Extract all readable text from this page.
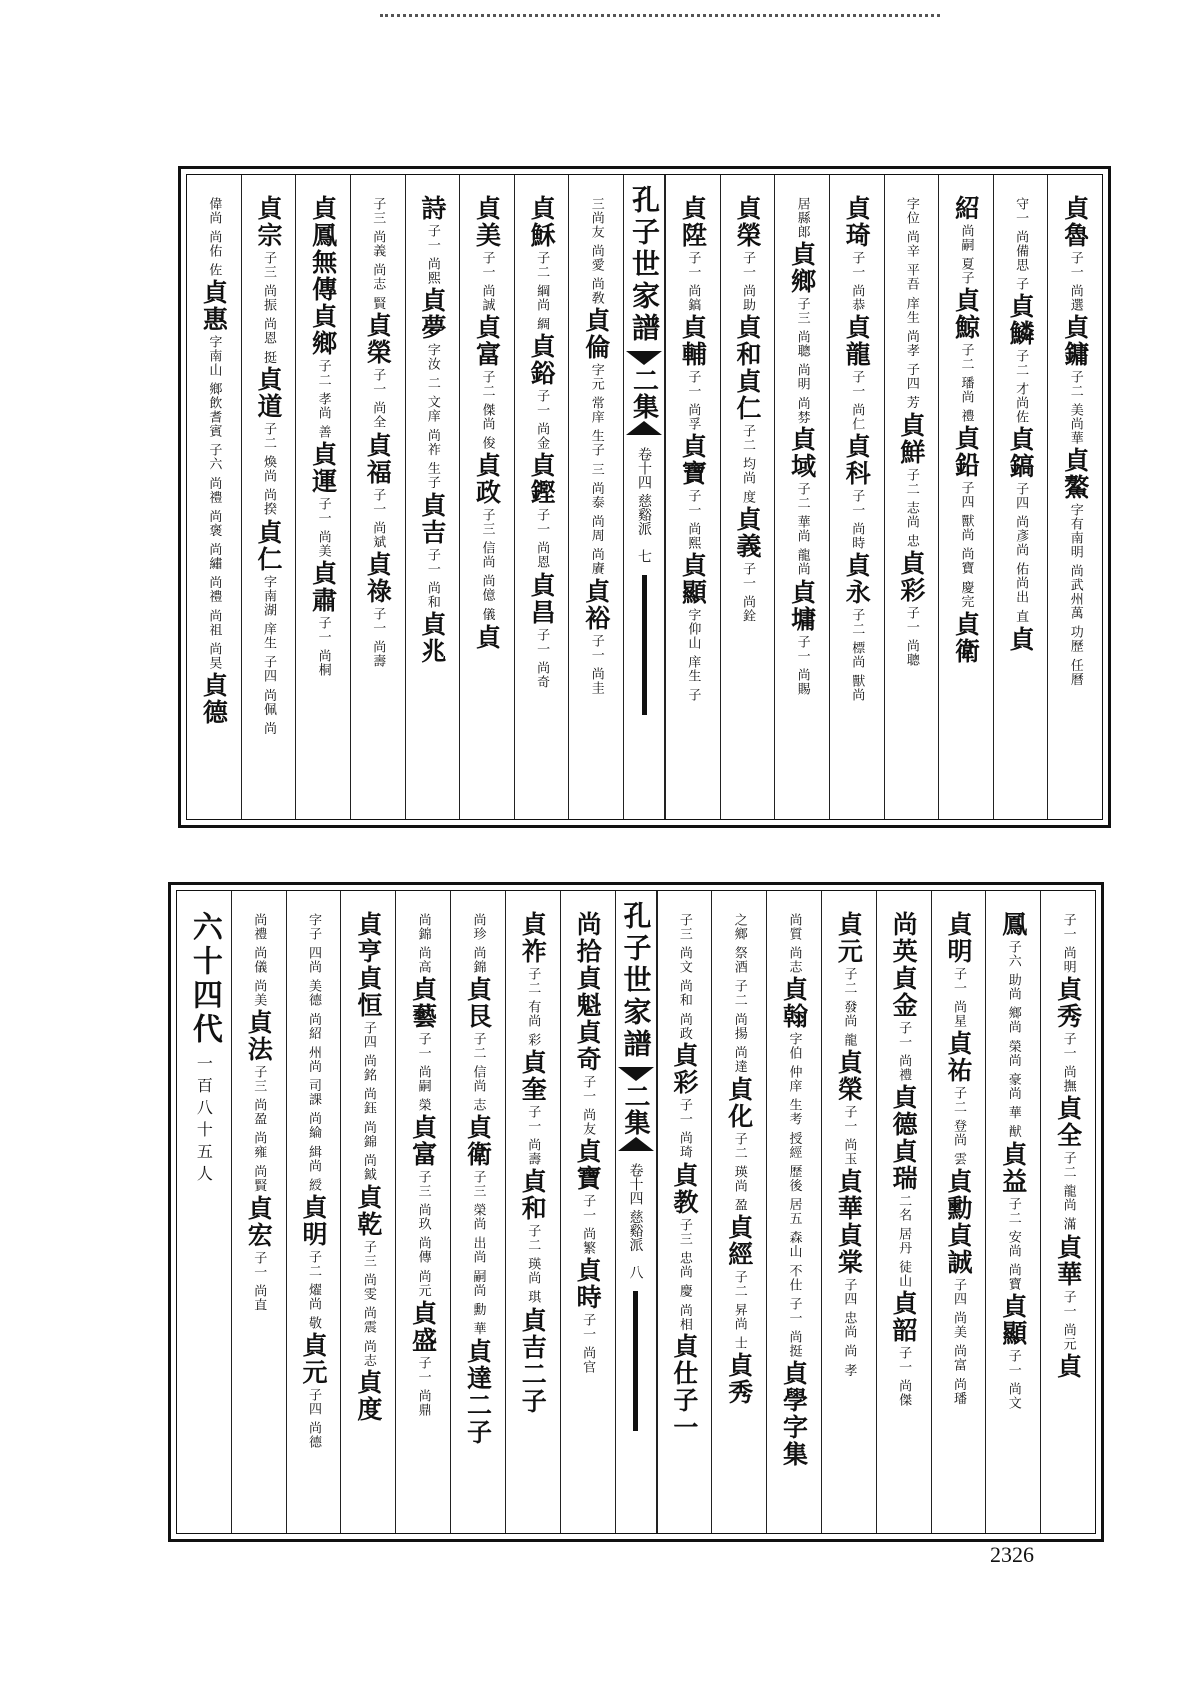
貞魯
子一 尚選
貞鏞
子二 美尚華
貞鰲
字有南明 尚武州萬 功歷 任曆
守一 尚備思 子
貞鱗
子二 才尚佐
貞鎬
子四 尚彥尚 佑尚出 直
貞
紹
尚嗣 夏子
貞鯨
子二 璠尚 禮
貞鉛
子四 獸尚 尚寶 慶完
貞衛
字位 尚辛 平吾 庠生 尚孝 子四 芳
貞鮮
子二 志尚 忠
貞彩
子一 尚聰
貞琦
子一 尚恭
貞龍
子一 尚仁
貞科
子一 尚時
貞永
子二 標尚 獸尚
居縣郎
貞鄉
子三 尚聰 尚明 尚棼
貞域
子二 華尚 龍尚
貞墉
子一 尚賜
貞榮
子一 尚助
貞和
貞仁
子二 均尚 度
貞義
子一 尚銓
貞陞
子一 尚鎬
貞輔
子一 尚孚
貞寶
子一 尚熙
貞顯
字仰山 庠生 子
孔子世家譜
二集
卷十四 慈谿派
七
三尚友 尚愛 尚敎
貞倫
字元 常庠 生子 三 尚泰 尚周 尚賡
貞裕
子一 尚圭
貞穌
子二 綱尚 綢
貞鋊
子一 尚金
貞鏗
子一 尚恩
貞昌
子一 尚奇
貞美
子一 尚誠
貞富
子二 傑尚 俊
貞政
子三 信尚 尚億 儀
貞
詩
子一 尚熙
貞夢
字汝 二 文庠 尚祚 生子
貞吉
子一 尚和
貞兆
子三 尚義 尚志 賢
貞榮
子一 尚全
貞福
子一 尚斌
貞祿
子一 尚壽
貞鳳
無傳
貞鄉
子二 孝尚 善
貞運
子一 尚美
貞肅
子一 尚桐
貞宗
子三 尚振 尚恩 挺
貞道
子二 煥尚 尚揆
貞仁
字南湖 庠生 子四 尚佩 尚
偉尚 尚佑 佐
貞惠
字南山 鄉飲耆賓 子六 尚禮 尚褒 尚繡 尚禮 尚祖 尚昊
貞德
子一 尚明
貞秀
子一 尚撫
貞全
子二 龍尚 滿
貞華
子一 尚元
貞
鳳
子六 助尚 鄉尚 榮尚 豪尚 華 猷
貞益
子二 安尚 尚寶
貞顯
子一 尚文
貞明
子一 尚星
貞祐
子二 登尚 雲
貞勳
貞誠
子四 尚美 尚富 尚璠
尚英
貞金
子一 尚禮
貞德
貞瑞
二名 居丹 徒山
貞韶
子一 尚傑
貞元
子二 發尚 龍
貞榮
子一 尚玉
貞華
貞棠
子四 忠尚 尚 孝
尚質 尚志
貞翰
字伯 仲庠 生考 授經 歷後 居五 森山 不仕 子一 尚挺
貞學
字集
之鄉 祭酒 子二 尚揚 尚達
貞化
子二 瑛尚 盈
貞經
子二 昇尚 士
貞秀
子三 尚文 尚和 尚政
貞彩
子一 尚琦
貞教
子三 忠尚 慶 尚相
貞仕
子一
孔子世家譜
二集
卷十四 慈谿派
八
尚拾
貞魁
貞奇
子一 尚友
貞寶
子一 尚繁
貞時
子一 尚官
貞祚
子二 有尚 彩
貞奎
子一 尚壽
貞和
子二 瑛尚 琪
貞吉
二子
尚珍 尚錦
貞艮
子二 信尚 志
貞衛
子三 榮尚 出尚 嗣尚 勳 華
貞達
二子
尚錦 尚高
貞藝
子一 尚嗣 榮
貞富
子三 尚玖 尚傳 尚元
貞盛
子一 尚鼎
貞亨
貞恒
子四 尚銘 尚鈺 尚錦 尚鉞
貞乾
子三 尚雯 尚震 尚志
貞度
字子 四尚 美德 尚紹 州尚 司課 尚綸 緝尚 綬
貞明
子二 燿尚 敬
貞元
子四 尚德
尚禮 尚儀 尚美
貞法
子三 尚盈 尚雍 尚賢
貞宏
子一 尚直
六十四代
一百八十五人
2326
